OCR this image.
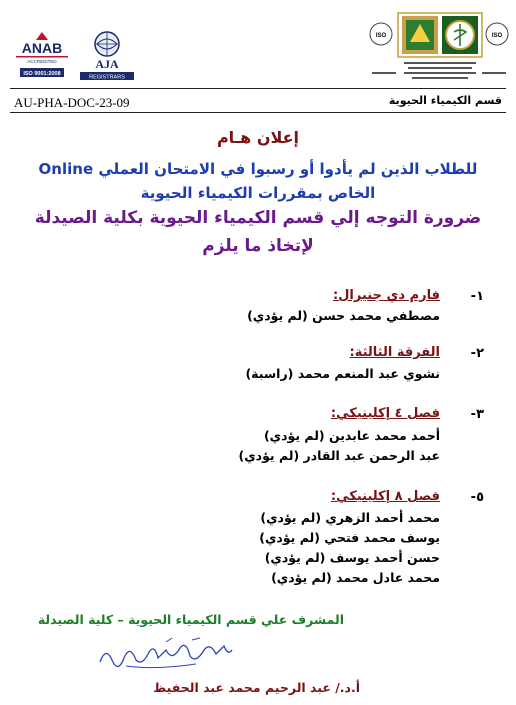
ANAB
ACCREDITED
ISO 9001:2008
AJA
REGISTRARS
ISO	ISO
AU-PHA-DOC-23-09	قسم الكيمياء الحيوية
إعلان هـام
للطلاب الذين لم يأدوا أو رسبوا في الامتحان العملي Online
الخاص بمقررات الكيمياء الحيوية
ضرورة التوجه إلي قسم الكيمياء الحيوية بكلية الصيدلة
لإتخاذ ما يلزم
-١
فارم دي جنيرال:
مصطفي محمد حسن (لم يؤدي)
-٢
الفرقة الثالثة:
نشوي عبد المنعم محمد (راسبة)
-٣
فصل ٤ إكلينيكي:
أحمد محمد عابدين (لم يؤدي)
عبد الرحمن عبد القادر (لم يؤدي)
-٥
فصل ٨ إكلينيكي:
محمد أحمد الزهري (لم يؤدي)
يوسف محمد فتحي (لم يؤدي)
حسن أحمد يوسف (لم يؤدي)
محمد عادل محمد (لم يؤدي)
المشرف علي قسم الكيمياء الحيوية – كلية الصيدلة
أ.د./ عبد الرحيم محمد عبد الحفيظ
